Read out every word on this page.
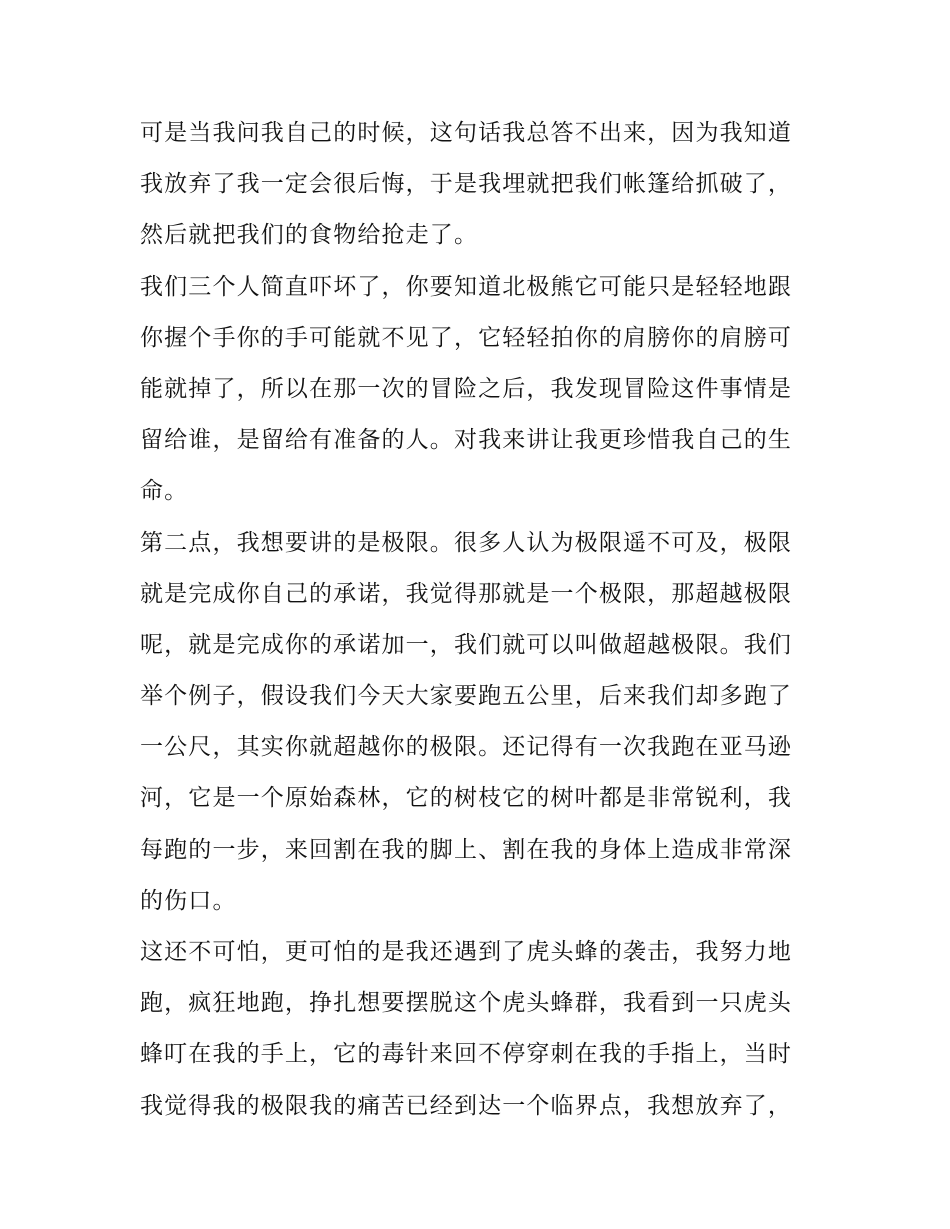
可是当我问我自己的时候，这句话我总答不出来，因为我知道
我放弃了我一定会很后悔，于是我埋就把我们帐篷给抓破了，
然后就把我们的食物给抢走了。
我们三个人简直吓坏了，你要知道北极熊它可能只是轻轻地跟
你握个手你的手可能就不见了，它轻轻拍你的肩膀你的肩膀可
能就掉了，所以在那一次的冒险之后，我发现冒险这件事情是
留给谁，是留给有准备的人。对我来讲让我更珍惜我自己的生
命。
第二点，我想要讲的是极限。很多人认为极限遥不可及，极限
就是完成你自己的承诺，我觉得那就是一个极限，那超越极限
呢，就是完成你的承诺加一，我们就可以叫做超越极限。我们
举个例子，假设我们今天大家要跑五公里，后来我们却多跑了
一公尺，其实你就超越你的极限。还记得有一次我跑在亚马逊
河，它是一个原始森林，它的树枝它的树叶都是非常锐利，我
每跑的一步，来回割在我的脚上、割在我的身体上造成非常深
的伤口。
这还不可怕，更可怕的是我还遇到了虎头蜂的袭击，我努力地
跑，疯狂地跑，挣扎想要摆脱这个虎头蜂群，我看到一只虎头
蜂叮在我的手上，它的毒针来回不停穿刺在我的手指上，当时
我觉得我的极限我的痛苦已经到达一个临界点，我想放弃了，
